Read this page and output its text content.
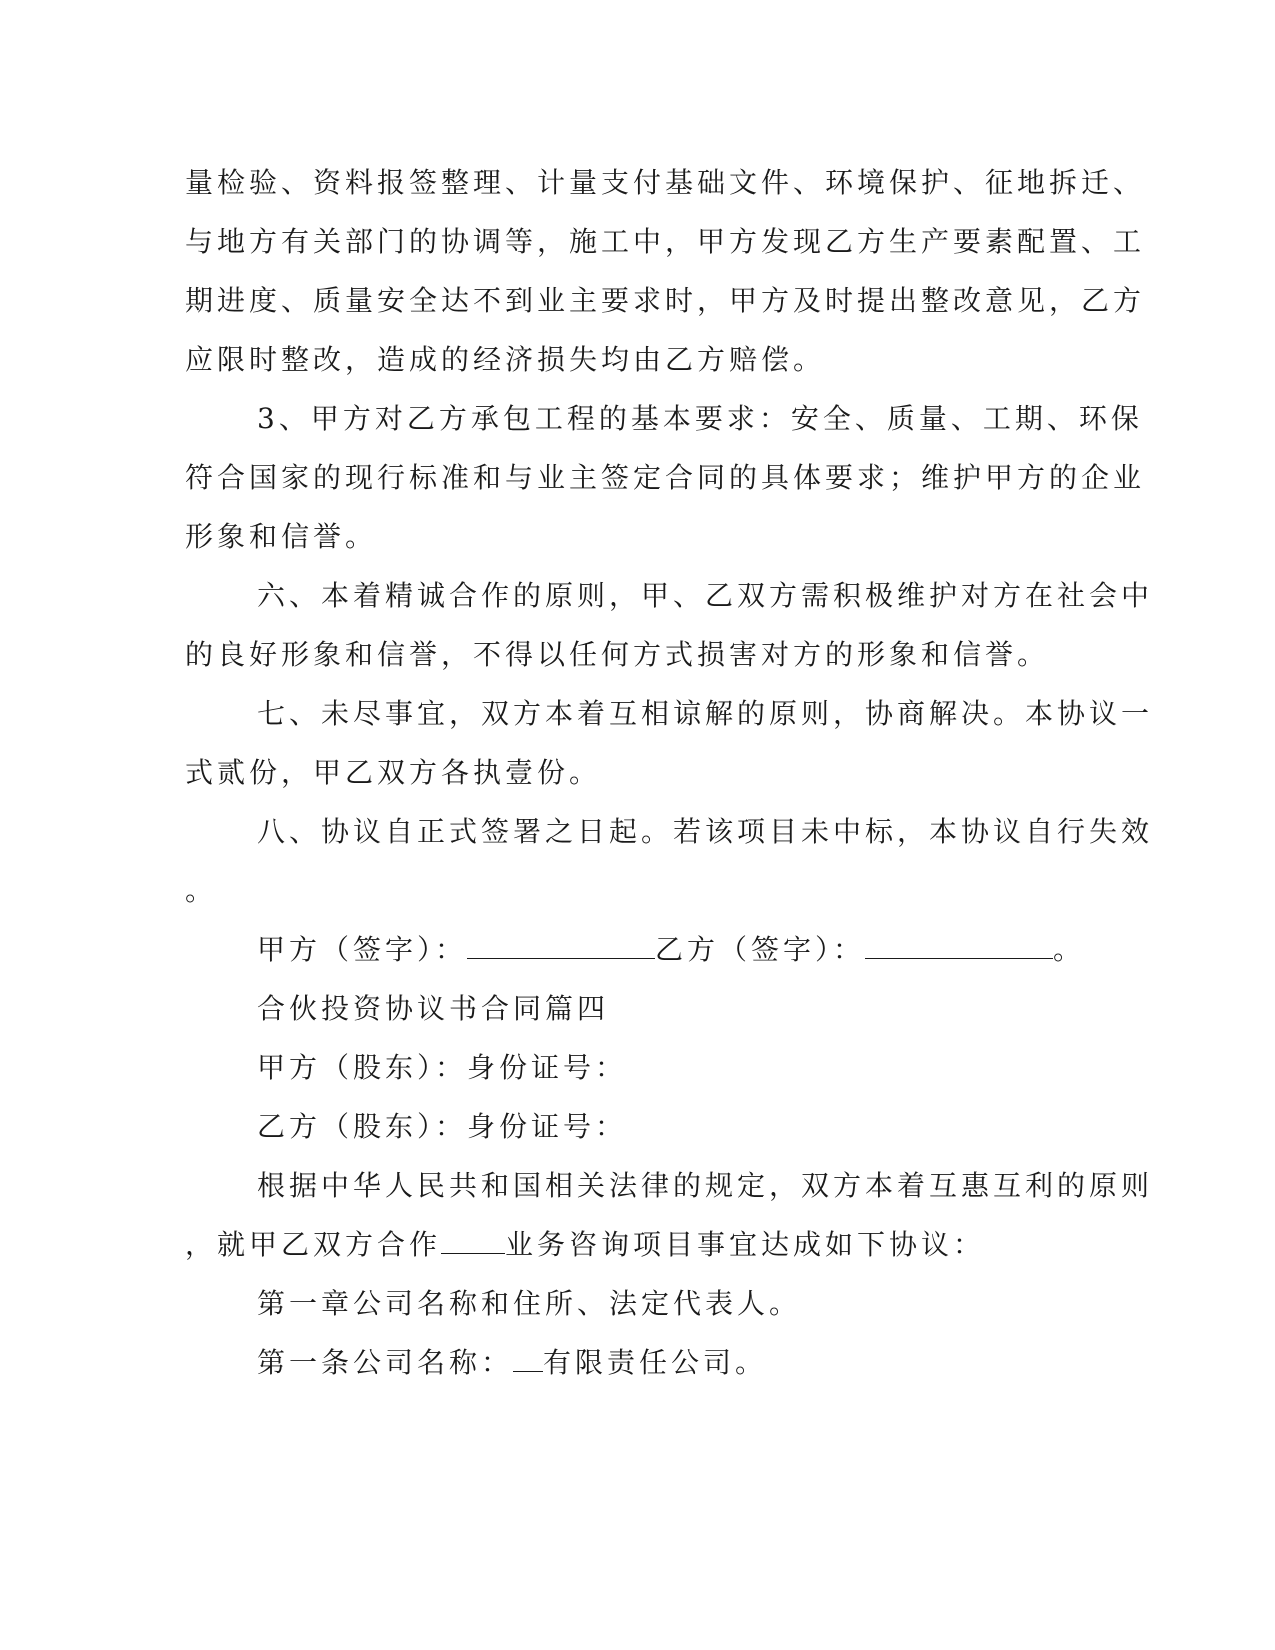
量检验、资料报签整理、计量支付基础文件、环境保护、征地拆迁、
与地方有关部门的协调等，施工中，甲方发现乙方生产要素配置、工
期进度、质量安全达不到业主要求时，甲方及时提出整改意见，乙方
应限时整改，造成的经济损失均由乙方赔偿。
3、甲方对乙方承包工程的基本要求：安全、质量、工期、环保
符合国家的现行标准和与业主签定合同的具体要求；维护甲方的企业
形象和信誉。
六、本着精诚合作的原则，甲、乙双方需积极维护对方在社会中
的良好形象和信誉，不得以任何方式损害对方的形象和信誉。
七、未尽事宜，双方本着互相谅解的原则，协商解决。本协议一
式贰份，甲乙双方各执壹份。
八、协议自正式签署之日起。若该项目未中标，本协议自行失效
。
甲方（签字）：	乙方（签字）：	。
合伙投资协议书合同篇四
甲方（股东）：身份证号：
乙方（股东）：身份证号：
根据中华人民共和国相关法律的规定，双方本着互惠互利的原则
，就甲乙双方合作 业务咨询项目事宜达成如下协议：
第一章公司名称和住所、法定代表人。
第一条公司名称： 有限责任公司。
